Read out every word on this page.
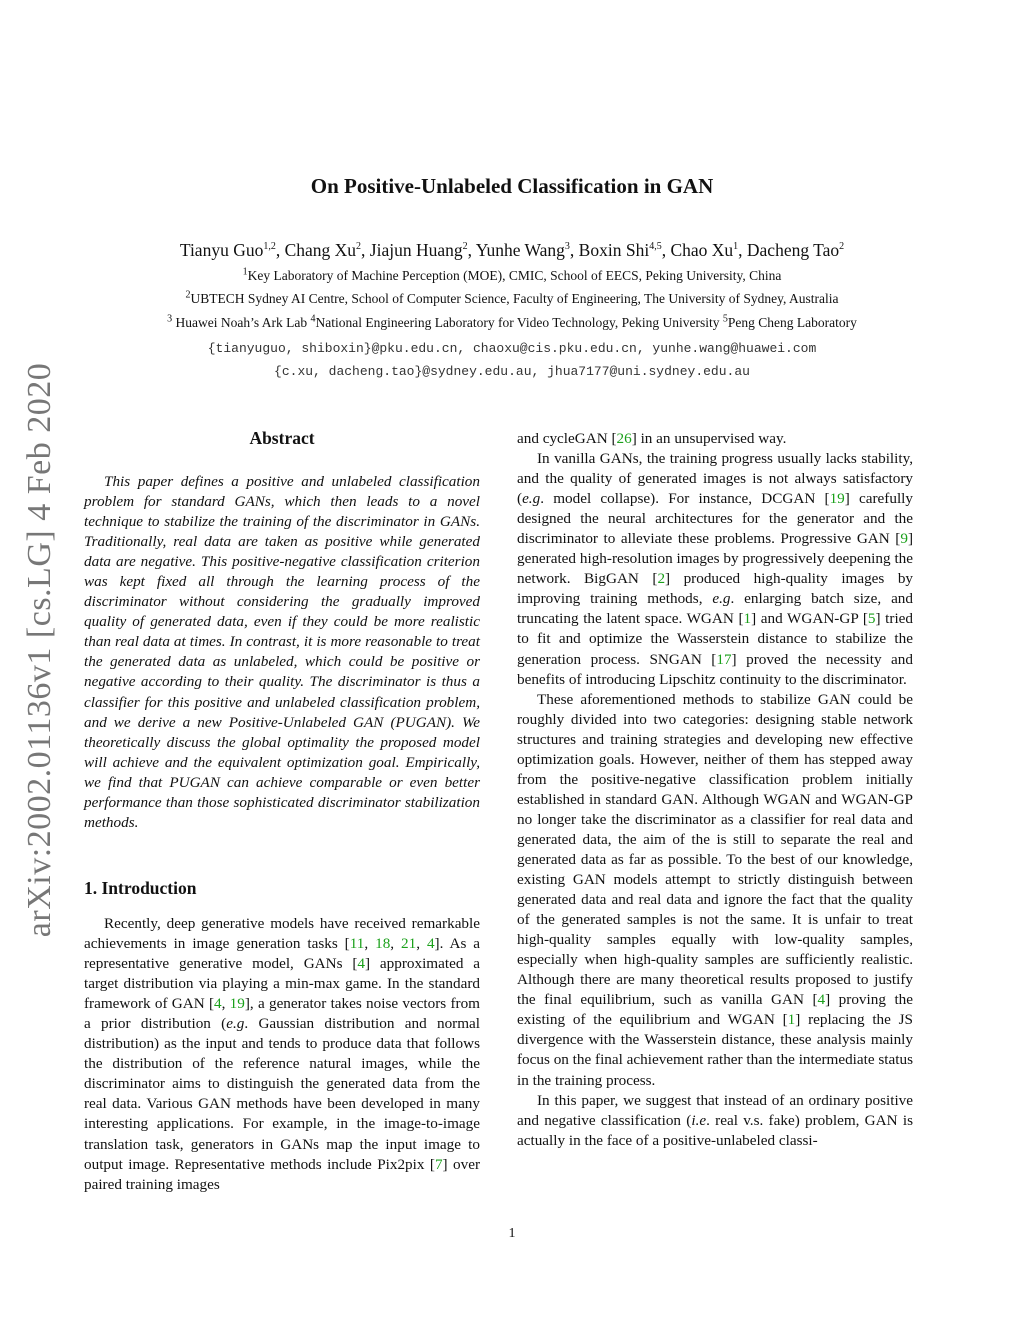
On Positive-Unlabeled Classification in GAN
Tianyu Guo$^{1,2}$, Chang Xu$^2$, Jiajun Huang$^2$, Yunhe Wang$^3$, Boxin Shi$^{4,5}$, Chao Xu$^1$, Dacheng Tao$^2$
$^1$Key Laboratory of Machine Perception (MOE), CMIC, School of EECS, Peking University, China
$^2$UBTECH Sydney AI Centre, School of Computer Science, Faculty of Engineering, The University of Sydney, Australia
$^3$ Huawei Noah’s Ark Lab $^4$National Engineering Laboratory for Video Technology, Peking University $^5$Peng Cheng Laboratory
{tianyuguo, shiboxin}@pku.edu.cn, chaoxu@cis.pku.edu.cn, yunhe.wang@huawei.com
{c.xu, dacheng.tao}@sydney.edu.au, jhua7177@uni.sydney.edu.au
arXiv:2002.01136v1 [cs.LG] 4 Feb 2020	Abstract

This paper defines a positive and unlabeled classification problem for standard GANs, which then leads to a novel technique to stabilize the training of the discriminator in GANs. Traditionally, real data are taken as positive while generated data are negative. This positive-negative classification criterion was kept fixed all through the learning process of the discriminator without considering the gradually improved quality of generated data, even if they could be more realistic than real data at times. In contrast, it is more reasonable to treat the generated data as unlabeled, which could be positive or negative according to their quality. The discriminator is thus a classifier for this positive and unlabeled classification problem, and we derive a new Positive-Unlabeled GAN (PUGAN). We theoretically discuss the global optimality the proposed model will achieve and the equivalent optimization goal. Empirically, we find that PUGAN can achieve comparable or even better performance than those sophisticated discriminator stabilization methods.

1. Introduction

Recently, deep generative models have received remarkable achievements in image generation tasks [11, 18, 21, 4]. As a representative generative model, GANs [4] approximated a target distribution via playing a min-max game. In the standard framework of GAN [4, 19], a generator takes noise vectors from a prior distribution (e.g. Gaussian distribution and normal distribution) as the input and tends to produce data that follows the distribution of the reference natural images, while the discriminator aims to distinguish the generated data from the real data. Various GAN methods have been developed in many interesting applications. For example, in the image-to-image translation task, generators in GANs map the input image to output image. Representative methods include Pix2pix [7] over paired training images

and cycleGAN [26] in an unsupervised way.

In vanilla GANs, the training progress usually lacks stability, and the quality of generated images is not always satisfactory (e.g. model collapse). For instance, DCGAN [19] carefully designed the neural architectures for the generator and the discriminator to alleviate these problems. Progressive GAN [9] generated high-resolution images by progressively deepening the network. BigGAN [2] produced high-quality images by improving training methods, e.g. enlarging batch size, and truncating the latent space. WGAN [1] and WGAN-GP [5] tried to fit and optimize the Wasserstein distance to stabilize the generation process. SNGAN [17] proved the necessity and benefits of introducing Lipschitz continuity to the discriminator.

These aforementioned methods to stabilize GAN could be roughly divided into two categories: designing stable network structures and training strategies and developing new effective optimization goals. However, neither of them has stepped away from the positive-negative classification problem initially established in standard GAN. Although WGAN and WGAN-GP no longer take the discriminator as a classifier for real data and generated data, the aim of the is still to separate the real and generated data as far as possible. To the best of our knowledge, existing GAN models attempt to strictly distinguish between generated data and real data and ignore the fact that the quality of the generated samples is not the same. It is unfair to treat high-quality samples equally with low-quality samples, especially when high-quality samples are sufficiently realistic. Although there are many theoretical results proposed to justify the final equilibrium, such as vanilla GAN [4] proving the existing of the equilibrium and WGAN [1] replacing the JS divergence with the Wasserstein distance, these analysis mainly focus on the final achievement rather than the intermediate status in the training process.

In this paper, we suggest that instead of an ordinary positive and negative classification (i.e. real v.s. fake) problem, GAN is actually in the face of a positive-unlabeled classi-

1
